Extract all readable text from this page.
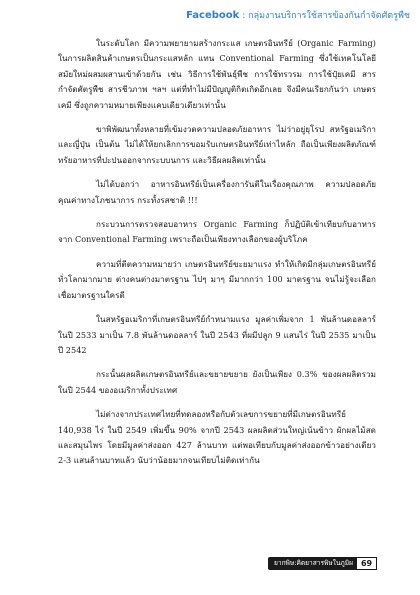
Facebook : กลุ่มงานบริการใช้สารข้องกันกำจัดศัตรูพืช

ในระดับโลก มีความพยายามสร้างกระแส เกษตรอินทรีย์ (Organic Farming) ในการผลิตสินค้าเกษตรเป็นกระแสหลัก แทน Conventional Farming ซึ่งใช้เทคโนโลยีสมัยใหม่ผสมผสานเข้าด้วยกัน เช่น วิธีการใช้พันธุ์พืช การใช้ทรวรม การใช้ปุ๋ยเคมี สารกำจัดศัตรูพืช สารชีวภาพ ฯลฯ แต่ที่ทำไม่มีปัญญูติกิตเกิดอีกเลย จึงมีคนเรียกกันว่า เกษตรเคมี ซึ่งถูกความหมายเพียงแคบเดียวเดียวเท่านั้น

ขาพิพัฒนาทั้งหลายที่เข้มงวดความปลอดภัยอาหาร ไม่ว่าอยู่ยุโรป สหรัฐอเมริกา และญี่ปุ่น เป็นต้น ไม่ได้ให้ยกเลิกการขอมรับเกษตรอินทรีย์เท่าไหลัก ถือเป็นเพียงผลิตภัณฑ์ทรัยอาหารที่ปะปนออกจากระบบนการ และวิธีผลผลิตเท่านั้น

ไม่ได้บอกว่า อาหารอินทรีย์เป็นเครื่องการันตีในเรื่องคุณภาพ ความปลอดภัย คุณค่าทางโภชนาการ กระทั้งรสชาติ !!!

กระบวนการตรวจสอบอาหาร Organic Farming ก็ปฏิบัติเข้าเทียบกับอาหารจาก Conventional Farming เพราะถือเป็นเพียงทางเลือกของผู้บริโภค

ความที่ตีตความหมายว่า เกษตรอินทรีย์ขะยมาแรง ทำให้เกิดมีกลุ่มเกษตรอินทรีย์ทั่วโลกมากมาย ต่างคนต่างมาตรฐาน ไปๆ มาๆ มีมากกว่า 100 มาตรฐาน จนไม่รู้จะเลือกเชื่อมาตรฐานใครดี

ในสหรัฐอเมริกาที่เกษตรอินทรีย์กำหนามแรง มูลค่าเพิ่มจาก 1 พันล้านดอลลาร์ ในปี 2533 มาเป็น 7.8 พันล้านดอลลาร์ ในปี 2543 ที่ผมีปลูก 9 แสนไร่ ในปี 2535 มาเป็นปี 2542

กระนั้นผลผลิตเกษตรอินทรีย์และขยายขยาย ยังเป็นเพียง 0.3% ของผลผลิตรวมในปี 2544 ของอเมริกาทั้งประเทศ

ไม่ต่างจากประเทศไทยที่ทดลองหรือกับตัวเลขการขยายที่มีเกษตรอินทรีย์ 140,938 ไร่ ในปี 2549 เพิ่มขึ้น 90% จากปี 2543 ผลผลิตส่วนใหญ่เน้นข้าว ผักผลไม้สด และสมุนไพร โดยมีมูลค่าส่งออก 427 ล้านบาท แต่พอเทียบกับมูลค่าส่งออกข้าวอย่างเดียว 2-3 แสนล้านบาทแล้ว นับว่าน้อยมากจนเทียบไม่ติดเท่ากัน

ยากพิษ:คิดยาสารพิษในภูมิผ	69
